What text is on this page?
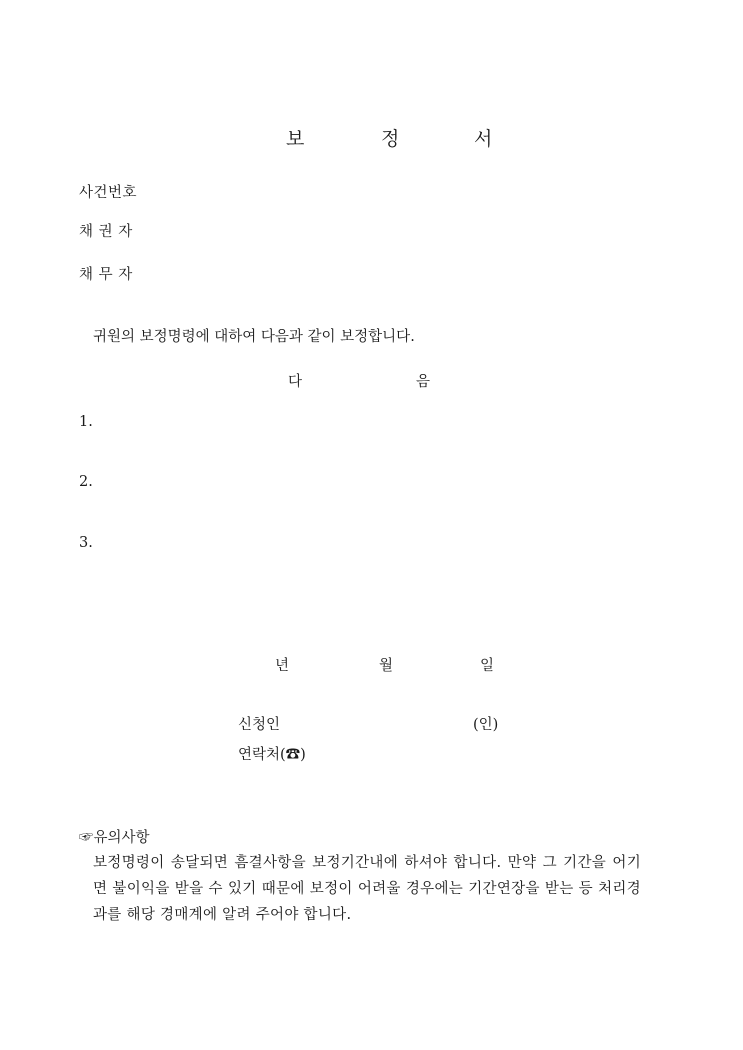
보	정	서
사건번호
채 권 자
채 무 자
귀원의 보정명령에 대하여 다음과 같이 보정합니다.
다	음
1.
2.
3.
년	월	일
신청인	(인)
연락처(☎)
☞유의사항
보정명령이 송달되면 흠결사항을 보정기간내에 하셔야 합니다. 만약 그 기간을 어기면 불이익을 받을 수 있기 때문에 보정이 어려울 경우에는 기간연장을 받는 등 처리경과를 해당 경매계에 알려 주어야 합니다.
